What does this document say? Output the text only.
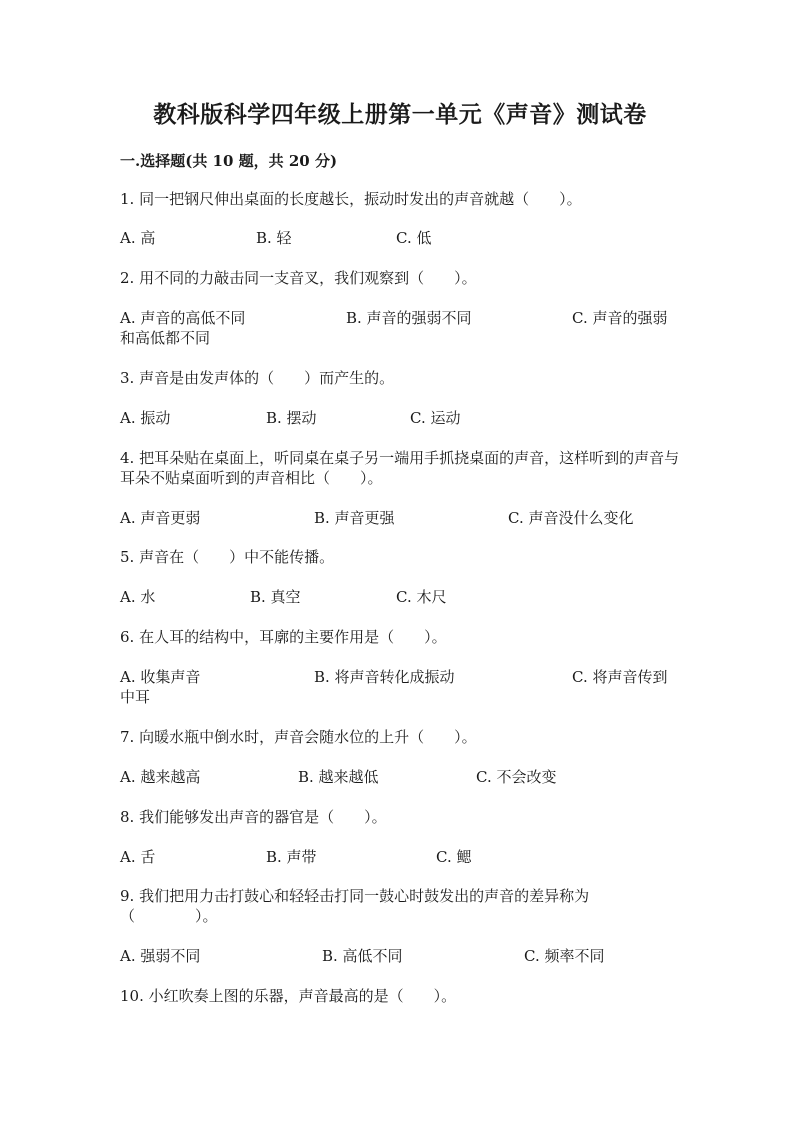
教科版科学四年级上册第一单元《声音》测试卷
一.选择题(共 10 题，共 20 分)
1. 同一把钢尺伸出桌面的长度越长，振动时发出的声音就越（　　）。
A. 高	B. 轻	C. 低
2. 用不同的力敲击同一支音叉，我们观察到（　　）。
A. 声音的高低不同	B. 声音的强弱不同	C. 声音的强弱
和高低都不同
3. 声音是由发声体的（　　）而产生的。
A. 振动	B. 摆动	C. 运动
4. 把耳朵贴在桌面上，听同桌在桌子另一端用手抓挠桌面的声音，这样听到的声音与耳朵不贴桌面听到的声音相比（　　）。
A. 声音更弱	B. 声音更强	C. 声音没什么变化
5. 声音在（　　）中不能传播。
A. 水	B. 真空	C. 木尺
6. 在人耳的结构中，耳廓的主要作用是（　　）。
A. 收集声音	B. 将声音转化成振动	C. 将声音传到
中耳
7. 向暖水瓶中倒水时，声音会随水位的上升（　　）。
A. 越来越高	B. 越来越低	C. 不会改变
8. 我们能够发出声音的器官是（　　）。
A. 舌	B. 声带	C. 鳃
9. 我们把用力击打鼓心和轻轻击打同一鼓心时鼓发出的声音的差异称为（　　　　）。
A. 强弱不同	B. 高低不同	C. 频率不同
10. 小红吹奏上图的乐器，声音最高的是（　　）。
